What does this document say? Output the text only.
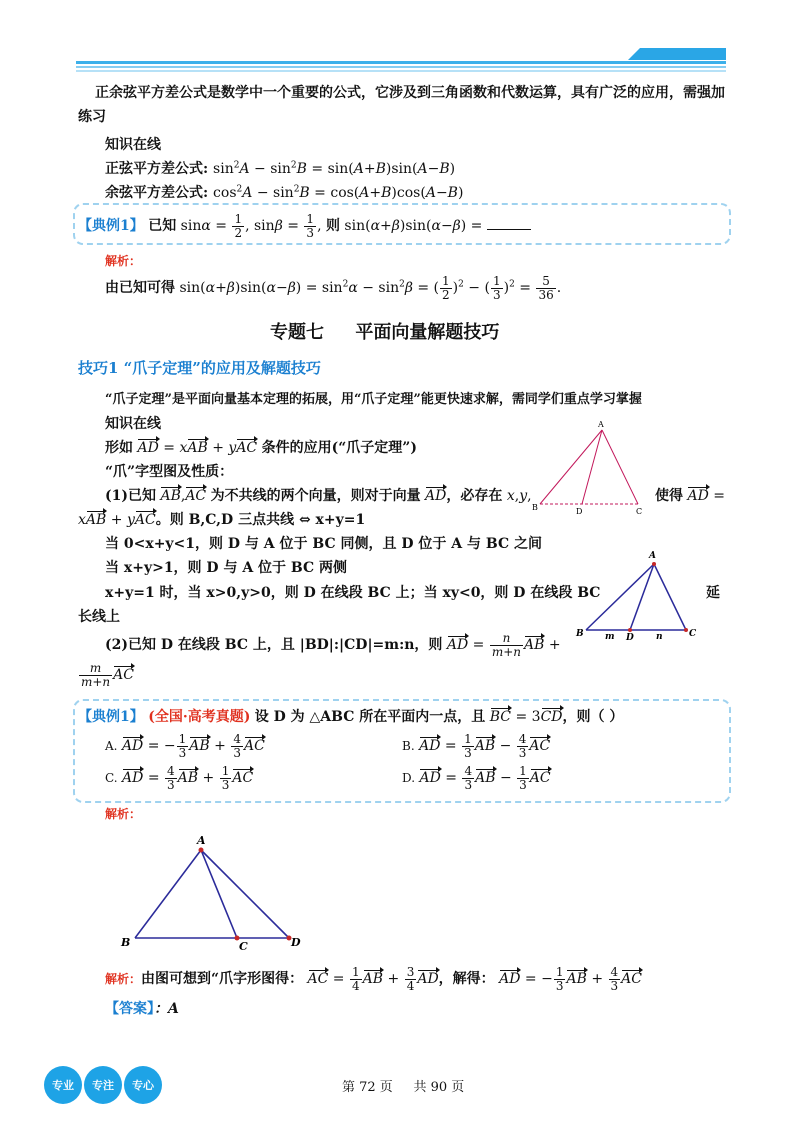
正余弦平方差公式是数学中一个重要的公式，它涉及到三角函数和代数运算，具有广泛的应用，需强加
练习
知识在线
正弦平方差公式: $\sin^2A - \sin^2B = \sin(A+B)\sin(A-B)$
余弦平方差公式: $\cos^2A - \sin^2B = \cos(A+B)\cos(A-B)$
【典例1】 已知 $\sin\alpha = \frac{1}{2}$ , $\sin\beta = \frac{1}{3}$ , 则 sin(α+β)sin(α−β) =
解析：
由已知可得 $\sin(\alpha+\beta)\sin(\alpha-\beta) = \sin^2\alpha - \sin^2\beta$ = ( $\frac{1}{2} )^2$ − ( $\frac{1}{3} )^2 = \frac{5}{36}$ .
专题七     平面向量解题技巧
技巧1 “爪子定理”的应用及解题技巧
“爪子定理”是平面向量基本定理的拓展，用“爪子定理”能更快速求解，需同学们重点学习掌握
知识在线
形如 AD = xAB + yAC 条件的应用(“爪子定理”)
“爪”字型图及性质：
(1)已知 AB,AC 为不共线的两个向量，则对于向量 AD，必存在 x,y,	使得 AD =
xAB + yAC。则 B,C,D 三点共线 ⇔ x+y=1
当 0<x+y<1，则 D 与 A 位于 BC 同侧，且 D 位于 A 与 BC 之间
当 x+y>1，则 D 与 A 位于 BC 两侧
x+y=1 时，当 x>0,y>0，则 D 在线段 BC 上；当 xy<0，则 D 在线段 BC	延
长线上
(2)已知 D 在线段 BC 上，且 |BD|:|CD|=m:n，则 AD = $\frac{n}{m+n}$ AB +
$\frac{m}{m+n}$ AC
A
B	D	C
A
B	D	C
m	n
【典例1】 (全国·高考真题) 设 D 为 △ABC 所在平面内一点，且 BC = 3CD，则（ ）
A. AD = − $\frac{1}{3}$ AB + $\frac{4}{3}$ AC	B. AD = $\frac{1}{3}$ AB − $\frac{4}{3}$ AC
C. AD = $\frac{4}{3}$ AB + $\frac{1}{3}$ AC	D. AD = $\frac{4}{3}$ AB − $\frac{1}{3}$ AC
解析：
A
B	C	D
解析：由图可想到“爪字形图得： AC = $\frac{1}{4}$ AB + $\frac{3}{4}$ AD，解得： AD = − $\frac{1}{3}$ AB + $\frac{4}{3}$ AC
【答案】：A
专业	专注	专心	第 72 页     共 90 页
